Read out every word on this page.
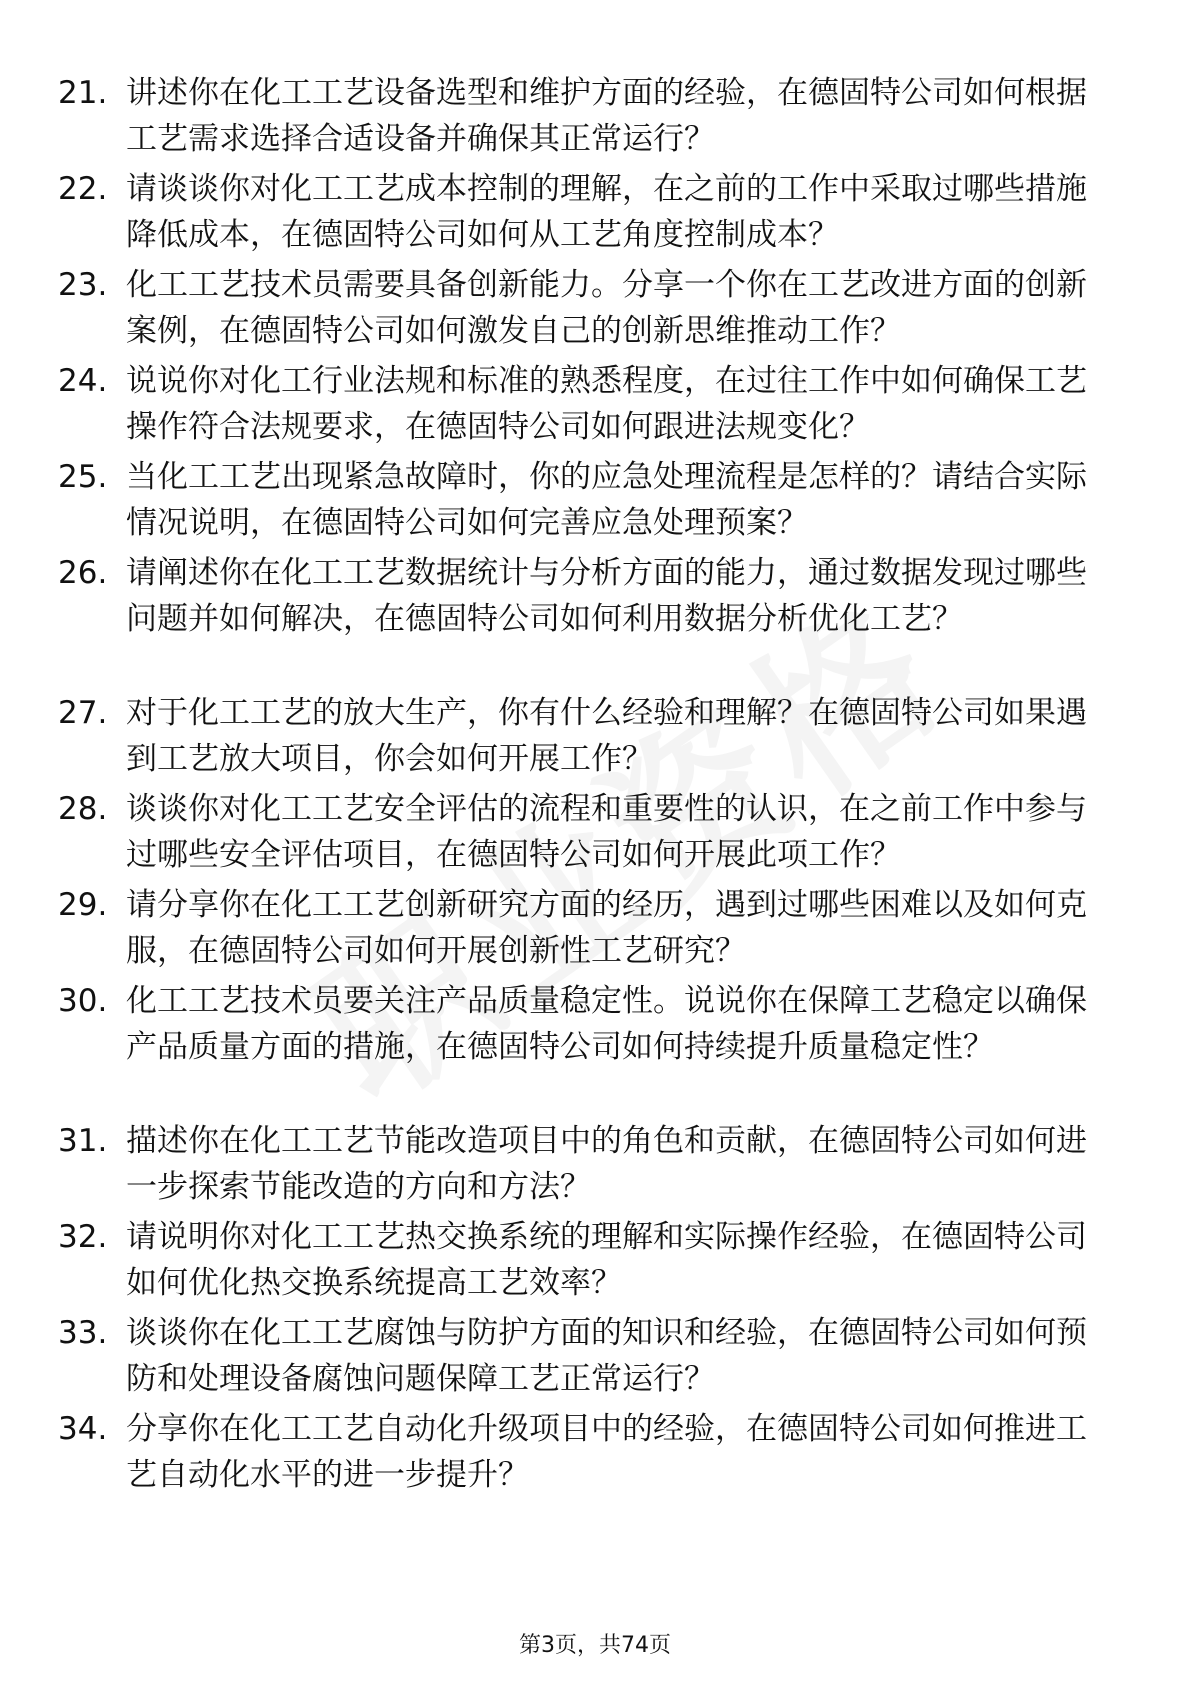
21. 讲述你在化工工艺设备选型和维护方面的经验，在德固特公司如何根据工艺需求选择合适设备并确保其正常运行？
22. 请谈谈你对化工工艺成本控制的理解，在之前的工作中采取过哪些措施降低成本，在德固特公司如何从工艺角度控制成本？
23. 化工工艺技术员需要具备创新能力。分享一个你在工艺改进方面的创新案例，在德固特公司如何激发自己的创新思维推动工作？
24. 说说你对化工行业法规和标准的熟悉程度，在过往工作中如何确保工艺操作符合法规要求，在德固特公司如何跟进法规变化？
25. 当化工工艺出现紧急故障时，你的应急处理流程是怎样的？请结合实际情况说明，在德固特公司如何完善应急处理预案？
26. 请阐述你在化工工艺数据统计与分析方面的能力，通过数据发现过哪些问题并如何解决，在德固特公司如何利用数据分析优化工艺？
27. 对于化工工艺的放大生产，你有什么经验和理解？在德固特公司如果遇到工艺放大项目，你会如何开展工作？
28. 谈谈你对化工工艺安全评估的流程和重要性的认识，在之前工作中参与过哪些安全评估项目，在德固特公司如何开展此项工作？
29. 请分享你在化工工艺创新研究方面的经历，遇到过哪些困难以及如何克服，在德固特公司如何开展创新性工艺研究？
30. 化工工艺技术员要关注产品质量稳定性。说说你在保障工艺稳定以确保产品质量方面的措施，在德固特公司如何持续提升质量稳定性？
31. 描述你在化工工艺节能改造项目中的角色和贡献，在德固特公司如何进一步探索节能改造的方向和方法？
32. 请说明你对化工工艺热交换系统的理解和实际操作经验，在德固特公司如何优化热交换系统提高工艺效率？
33. 谈谈你在化工工艺腐蚀与防护方面的知识和经验，在德固特公司如何预防和处理设备腐蚀问题保障工艺正常运行？
34. 分享你在化工工艺自动化升级项目中的经验，在德固特公司如何推进工艺自动化水平的进一步提升？
第3页，共74页
